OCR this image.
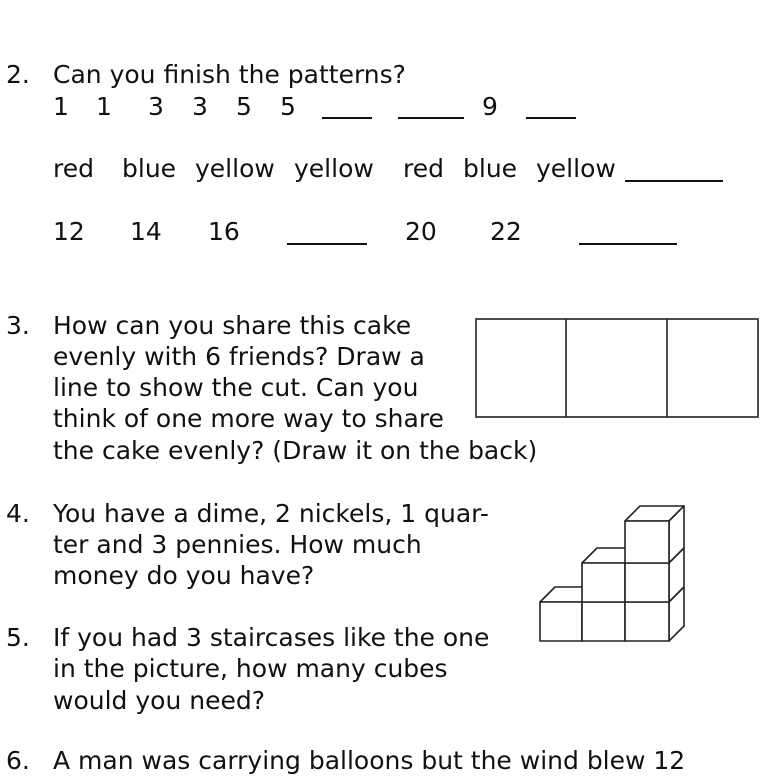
2. Can you finish the patterns?
1 1 3 3 5 5	9
red blue yellow yellow red blue yellow
12 14 16	20 22
3. How can you share this cake
evenly with 6 friends? Draw a
line to show the cut. Can you
think of one more way to share
the cake evenly? (Draw it on the back)
4. You have a dime, 2 nickels, 1 quar-
ter and 3 pennies. How much
money do you have?
5. If you had 3 staircases like the one
in the picture, how many cubes
would you need?
6. A man was carrying balloons but the wind blew 12
